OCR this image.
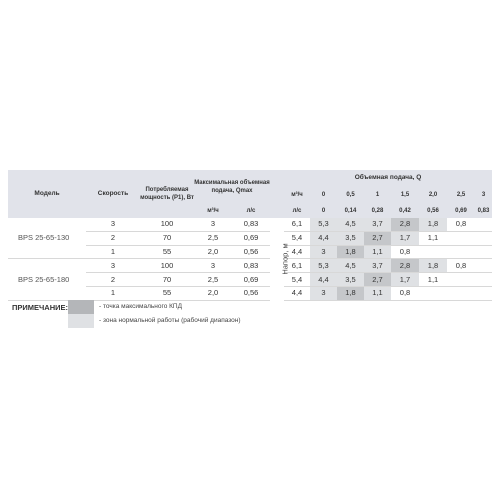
Модель	Скорость	Потребляемая мощность (Р1), Вт	Максимальная объемная подача, Qmax			Объемная подача, Q							
						м³/ч	0	0,5	1	1,5	2,0	2,5	3
			м³/ч	л/с		л/с	0	0,14	0,28	0,42	0,56	0,69	0,83
BPS 25-65-130	3	100	3	0,83	Напор, м	6,1	5,3	4,5	3,7	2,8	1,8	0,8	
	2	70	2,5	0,69		5,4	4,4	3,5	2,7	1,7	1,1		
	1	55	2,0	0,56		4,4	3	1,8	1,1	0,8			
BPS 25-65-180	3	100	3	0,83		6,1	5,3	4,5	3,7	2,8	1,8	0,8	
	2	70	2,5	0,69		5,4	4,4	3,5	2,7	1,7	1,1		
	1	55	2,0	0,56		4,4	3	1,8	1,1	0,8			
ПРИМЕЧАНИЕ:	- точка максимального КПД
- зона нормальной работы (рабочий диапазон)
